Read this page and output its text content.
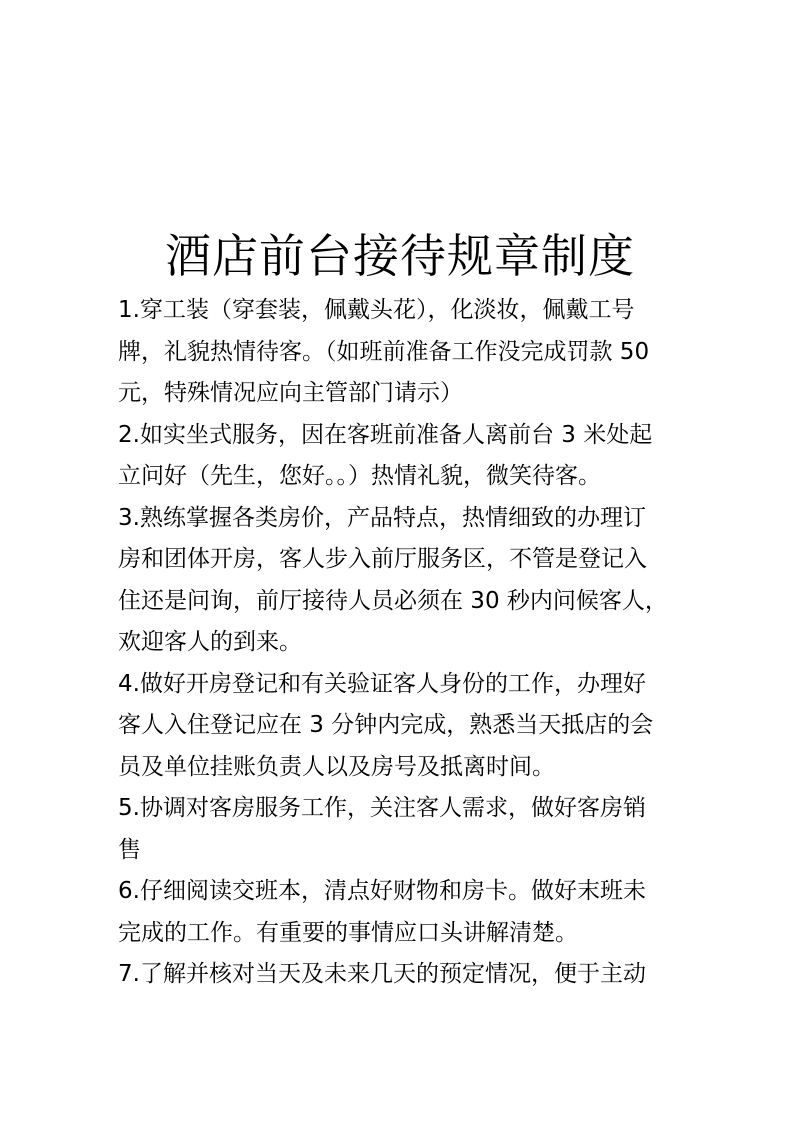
酒店前台接待规章制度
1.穿工装（穿套装，佩戴头花），化淡妆，佩戴工号
牌，礼貌热情待客。（如班前准备工作没完成罚款 50
元，特殊情况应向主管部门请示）
2.如实坐式服务，因在客班前准备人离前台 3 米处起
立问好（先生，您好。。）热情礼貌，微笑待客。
3.熟练掌握各类房价，产品特点，热情细致的办理订
房和团体开房，客人步入前厅服务区，不管是登记入
住还是问询，前厅接待人员必须在 30 秒内问候客人，
欢迎客人的到来。
4.做好开房登记和有关验证客人身份的工作，办理好
客人入住登记应在 3 分钟内完成，熟悉当天抵店的会
员及单位挂账负责人以及房号及抵离时间。
5.协调对客房服务工作，关注客人需求，做好客房销
售
6.仔细阅读交班本，清点好财物和房卡。做好末班未
完成的工作。有重要的事情应口头讲解清楚。
7.了解并核对当天及未来几天的预定情况，便于主动
